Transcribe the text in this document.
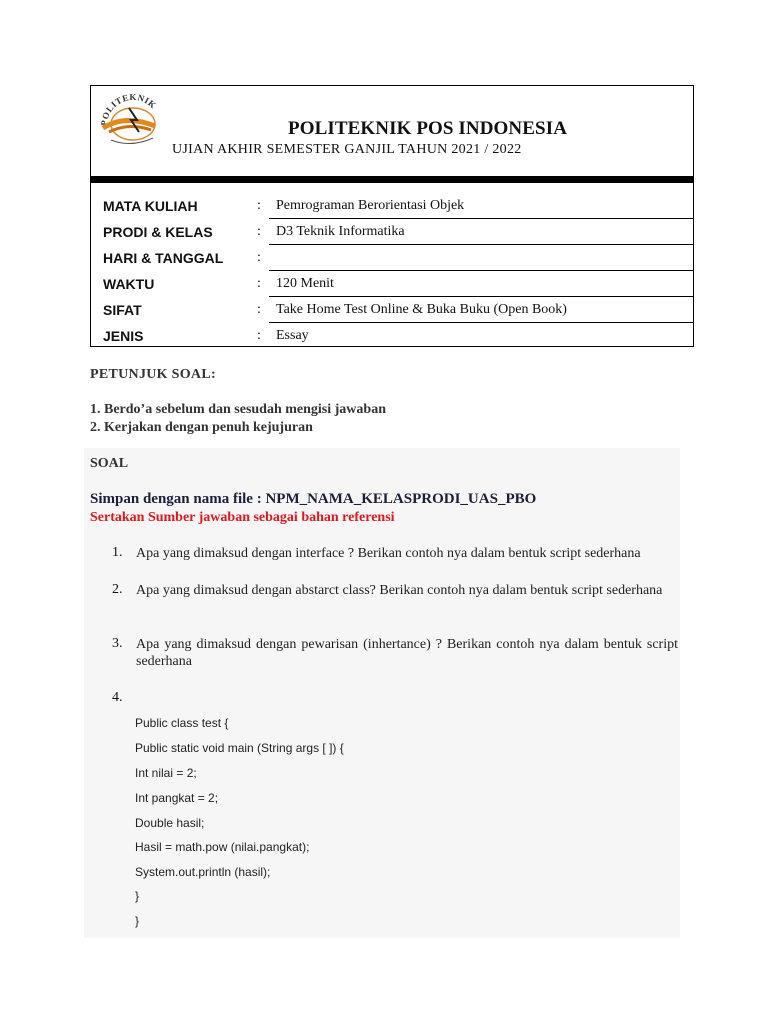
POLITEKNIK
POLITEKNIK POS INDONESIA
UJIAN AKHIR SEMESTER GANJIL TAHUN 2021 / 2022
MATA KULIAH	: Pemrograman Berorientasi Objek
PRODI & KELAS	: D3 Teknik Informatika
HARI & TANGGAL :
WAKTU	: 120 Menit
SIFAT	: Take Home Test Online & Buka Buku (Open Book)
JENIS	: Essay
PETUNJUK SOAL:
1. Berdo’a sebelum dan sesudah mengisi jawaban
2. Kerjakan dengan penuh kejujuran
SOAL
Simpan dengan nama file : NPM_NAMA_KELASPRODI_UAS_PBO
Sertakan Sumber jawaban sebagai bahan referensi
1. Apa yang dimaksud dengan interface ? Berikan contoh nya dalam bentuk script sederhana
2. Apa yang dimaksud dengan abstarct class? Berikan contoh nya dalam bentuk script sederhana
3. Apa yang dimaksud dengan pewarisan (inhertance) ? Berikan contoh nya dalam bentuk script sederhana
4.
Public class test {
Public static void main (String args [ ]) {
Int nilai = 2;
Int pangkat = 2;
Double hasil;
Hasil = math.pow (nilai.pangkat);
System.out.println (hasil);
}
}
